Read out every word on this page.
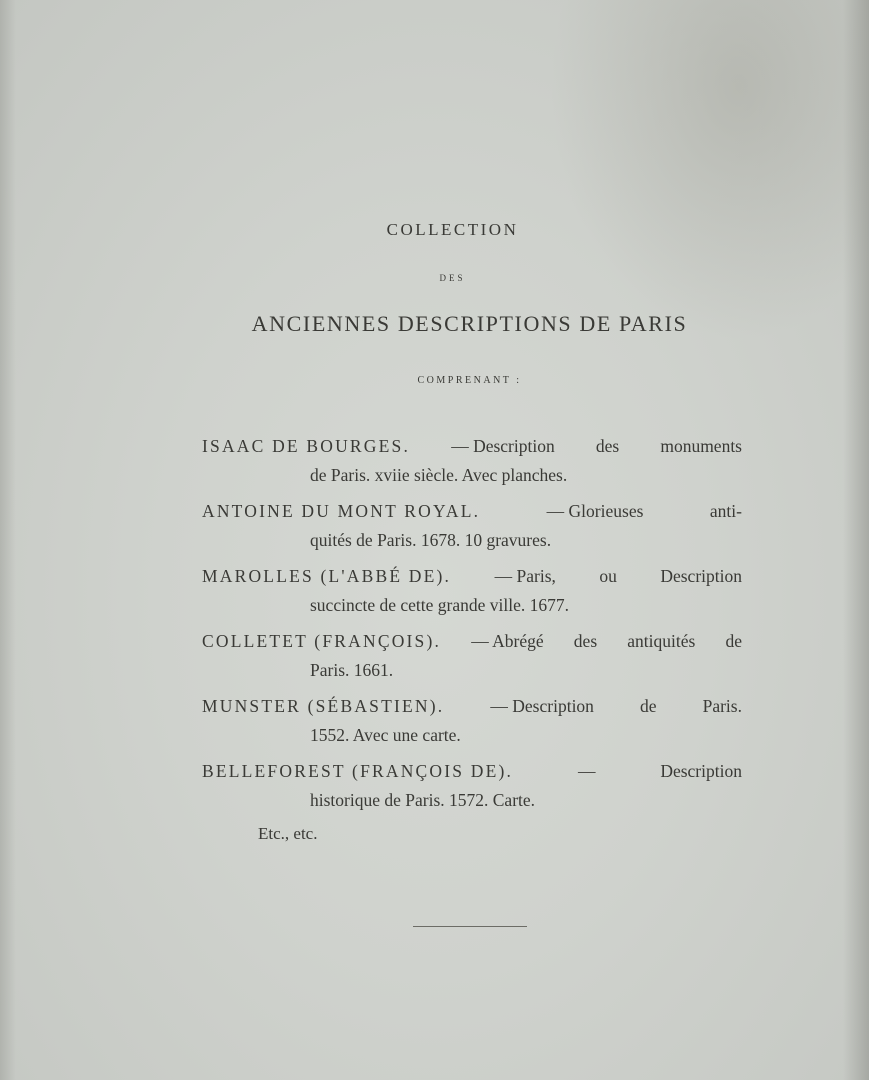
COLLECTION
DES
ANCIENNES DESCRIPTIONS DE PARIS
COMPRENANT :
ISAAC DE BOURGES. — Description des monuments
de Paris. xviie siècle. Avec planches.
ANTOINE DU MONT ROYAL.	— Glorieuses	anti-
quités de Paris. 1678. 10 gravures.
MAROLLES (L'ABBÉ DE). — Paris, ou Description
succincte de cette grande ville. 1677.
COLLETET (FRANÇOIS). — Abrégé des antiquités de
Paris. 1661.
MUNSTER (SÉBASTIEN).	— Description	de	Paris.
1552. Avec une carte.
BELLEFOREST (FRANÇOIS DE).	—	Description
historique de Paris. 1572. Carte.
Etc., etc.
